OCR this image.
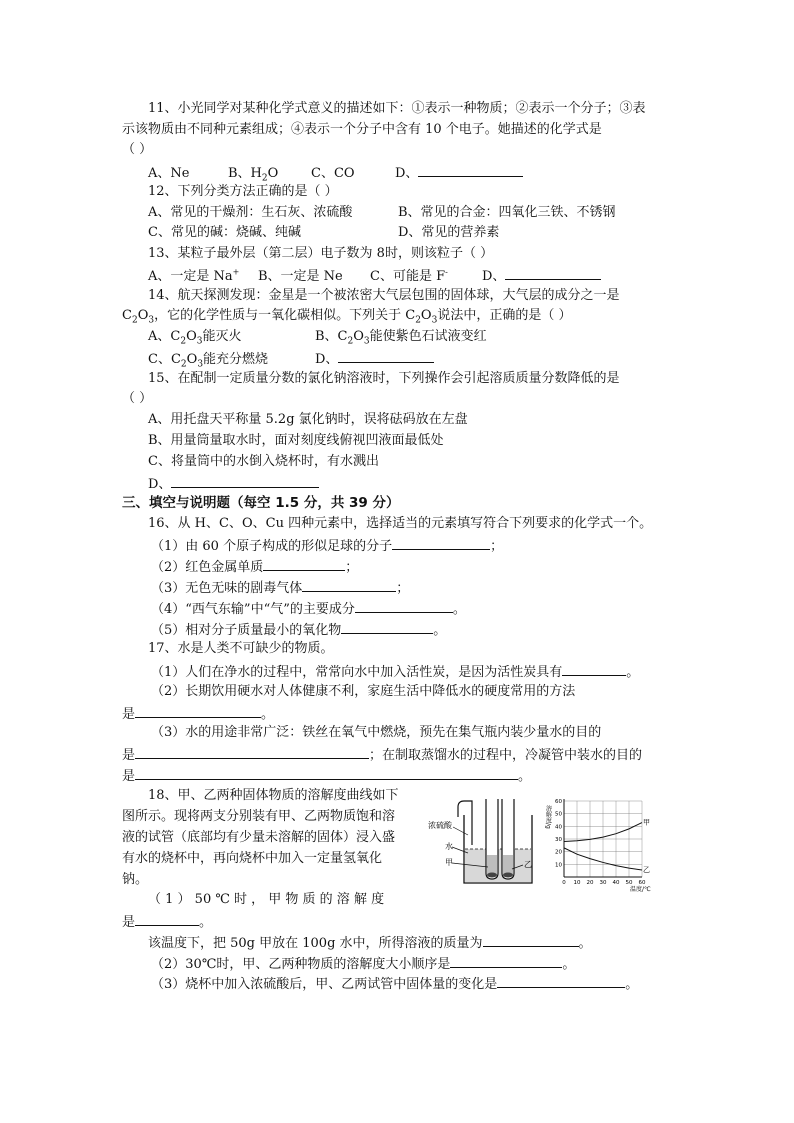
11、小光同学对某种化学式意义的描述如下：①表示一种物质；②表示一个分子；③表
示该物质由不同种元素组成；④表示一个分子中含有 10 个电子。她描述的化学式是
（ ）
A、Ne	B、$H_2O$	C、CO	D、
12、下列分类方法正确的是（ ）
A、常见的干燥剂：生石灰、浓硫酸	B、常见的合金：四氧化三铁、不锈钢
C、常见的碱：烧碱、纯碱	D、常见的营养素
13、某粒子最外层（第二层）电子数为 8时，则该粒子（ ）
A、一定是 Na+ B、一定是 Ne C、可能是 F-	D、
14、航天探测发现：金星是一个被浓密大气层包围的固体球，大气层的成分之一是
$C_2O_3$，它的化学性质与一氧化碳相似。下列关于 $C_2O_3$说法中，正确的是（ ）
A、$C_2O_3$能灭火	B、$C_2O_3$能使紫色石试液变红
C、$C_2O_3$能充分燃烧	D、
15、在配制一定质量分数的氯化钠溶液时，下列操作会引起溶质质量分数降低的是
（ ）
A、用托盘天平称量 5.2g 氯化钠时，误将砝码放在左盘
B、用量筒量取水时，面对刻度线俯视凹液面最低处
C、将量筒中的水倒入烧杯时，有水溅出
D、
三、填空与说明题（每空 1.5 分，共 39 分）
16、从 H、C、O、Cu 四种元素中，选择适当的元素填写符合下列要求的化学式一个。
（1）由 60 个原子构成的形似足球的分子	；
（2）红色金属单质	；
（3）无色无味的剧毒气体	；
（4）“西气东输”中“气”的主要成分	。
（5）相对分子质量最小的氧化物	。
17、水是人类不可缺少的物质。
（1）人们在净水的过程中，常常向水中加入活性炭，是因为活性炭具有	。
（2）长期饮用硬水对人体健康不利，家庭生活中降低水的硬度常用的方法
是	。
（3）水的用途非常广泛：铁丝在氧气中燃烧，预先在集气瓶内装少量水的目的
是	；在制取蒸馏水的过程中，冷凝管中装水的目的
是	。
18、甲、乙两种固体物质的溶解度曲线如下
图所示。现将两支分别装有甲、乙两物质饱和溶
液的试管（底部均有少量未溶解的固体）浸入盛
有水的烧杯中，再向烧杯中加入一定量氢氧化
钠。
（ 1 ） 50 ℃ 时 ， 甲 物 质 的 溶 解 度
是	。
该温度下，把 50g 甲放在 100g 水中，所得溶液的质量为	。
（2）30℃时，甲、乙两种物质的溶解度大小顺序是	。
（3）烧杯中加入浓硫酸后，甲、乙两试管中固体量的变化是	。
浓硫酸
水
甲	乙
甲
乙
0 10 20 30 40 50 60
10
20
30
40
50
60
溶解度/g
温度/℃
